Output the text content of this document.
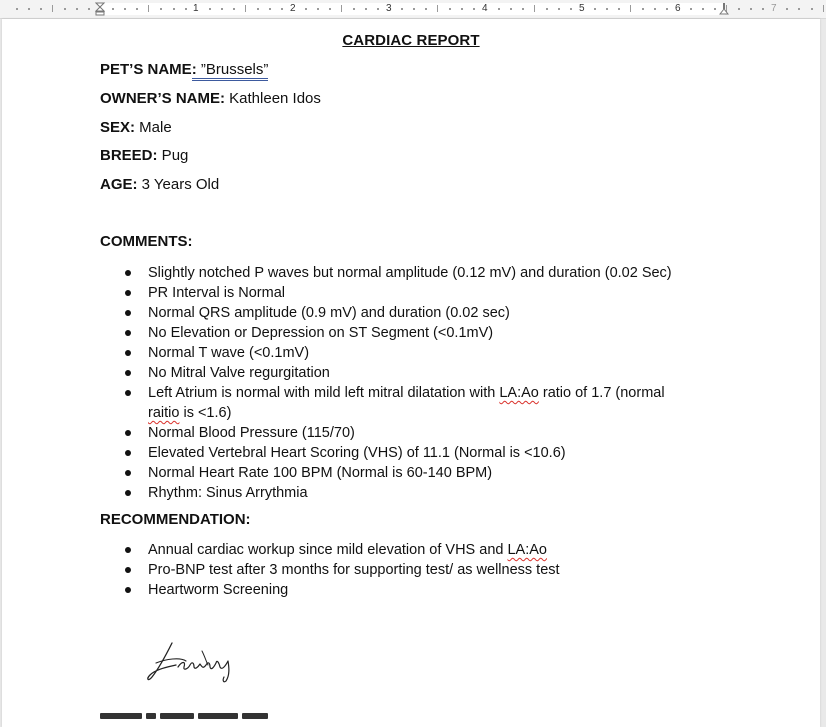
1	2	3	4	5	6	7
CARDIAC REPORT
PET’S NAME: ”Brussels”
OWNER’S NAME: Kathleen Idos
SEX: Male
BREED: Pug
AGE: 3 Years Old
COMMENTS:
Slightly notched P waves but normal amplitude (0.12 mV) and duration (0.02 Sec)
PR Interval is Normal
Normal QRS amplitude (0.9 mV) and duration (0.02 sec)
No Elevation or Depression on ST Segment (<0.1mV)
Normal T wave (<0.1mV)
No Mitral Valve regurgitation
Left Atrium is normal with mild left mitral dilatation with LA:Ao ratio of 1.7 (normal
raitio is <1.6)
Normal Blood Pressure (115/70)
Elevated Vertebral Heart Scoring (VHS) of 11.1 (Normal is <10.6)
Normal Heart Rate 100 BPM (Normal is 60-140 BPM)
Rhythm: Sinus Arrythmia
RECOMMENDATION:
Annual cardiac workup since mild elevation of VHS and LA:Ao
Pro-BNP test after 3 months for supporting test/ as wellness test
Heartworm Screening
